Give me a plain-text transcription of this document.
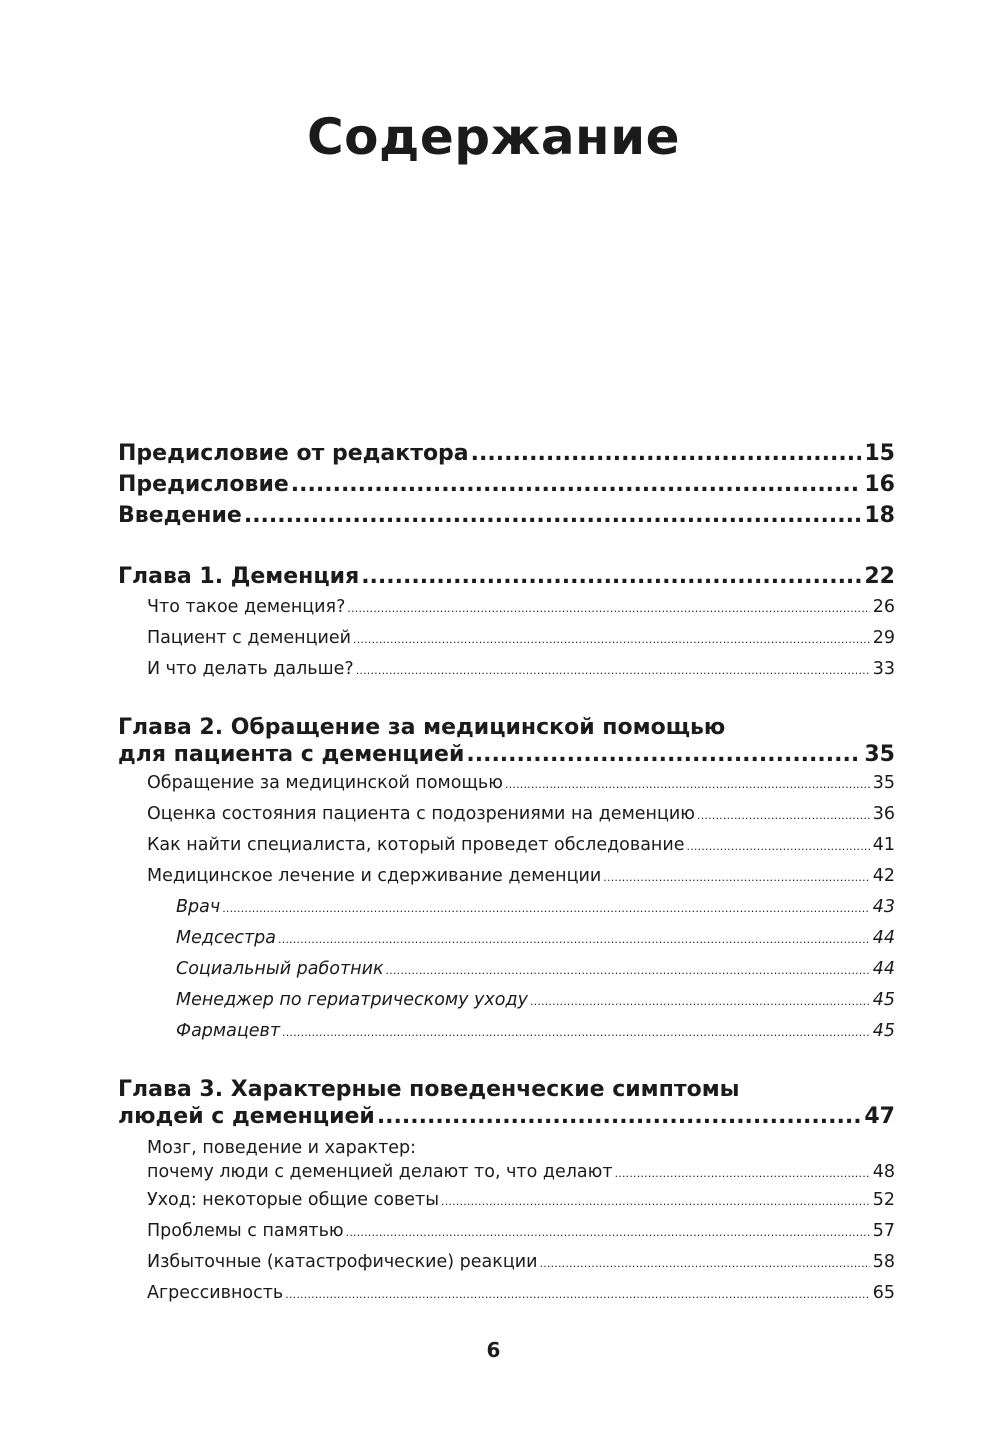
Содержание
Предисловие от редактора .....	15
Предисловие .....	16
Введение .....	18
Глава 1. Деменция .....	22
Что такое деменция? .....	26
Пациент с деменцией .....	29
И что делать дальше? .....	33
Глава 2. Обращение за медицинской помощью
для пациента с деменцией .....	35
Обращение за медицинской помощью .....	35
Оценка состояния пациента с подозрениями на деменцию .....	36
Как найти специалиста, который проведет обследование .....	41
Медицинское лечение и сдерживание деменции .....	42
Врач .....	43
Медсестра .....	44
Социальный работник .....	44
Менеджер по гериатрическому уходу .....	45
Фармацевт .....	45
Глава 3. Характерные поведенческие симптомы
людей с деменцией .....	47
Мозг, поведение и характер:
почему люди с деменцией делают то, что делают .....	48
Уход: некоторые общие советы .....	52
Проблемы с памятью .....	57
Избыточные (катастрофические) реакции .....	58
Агрессивность .....	65
6
